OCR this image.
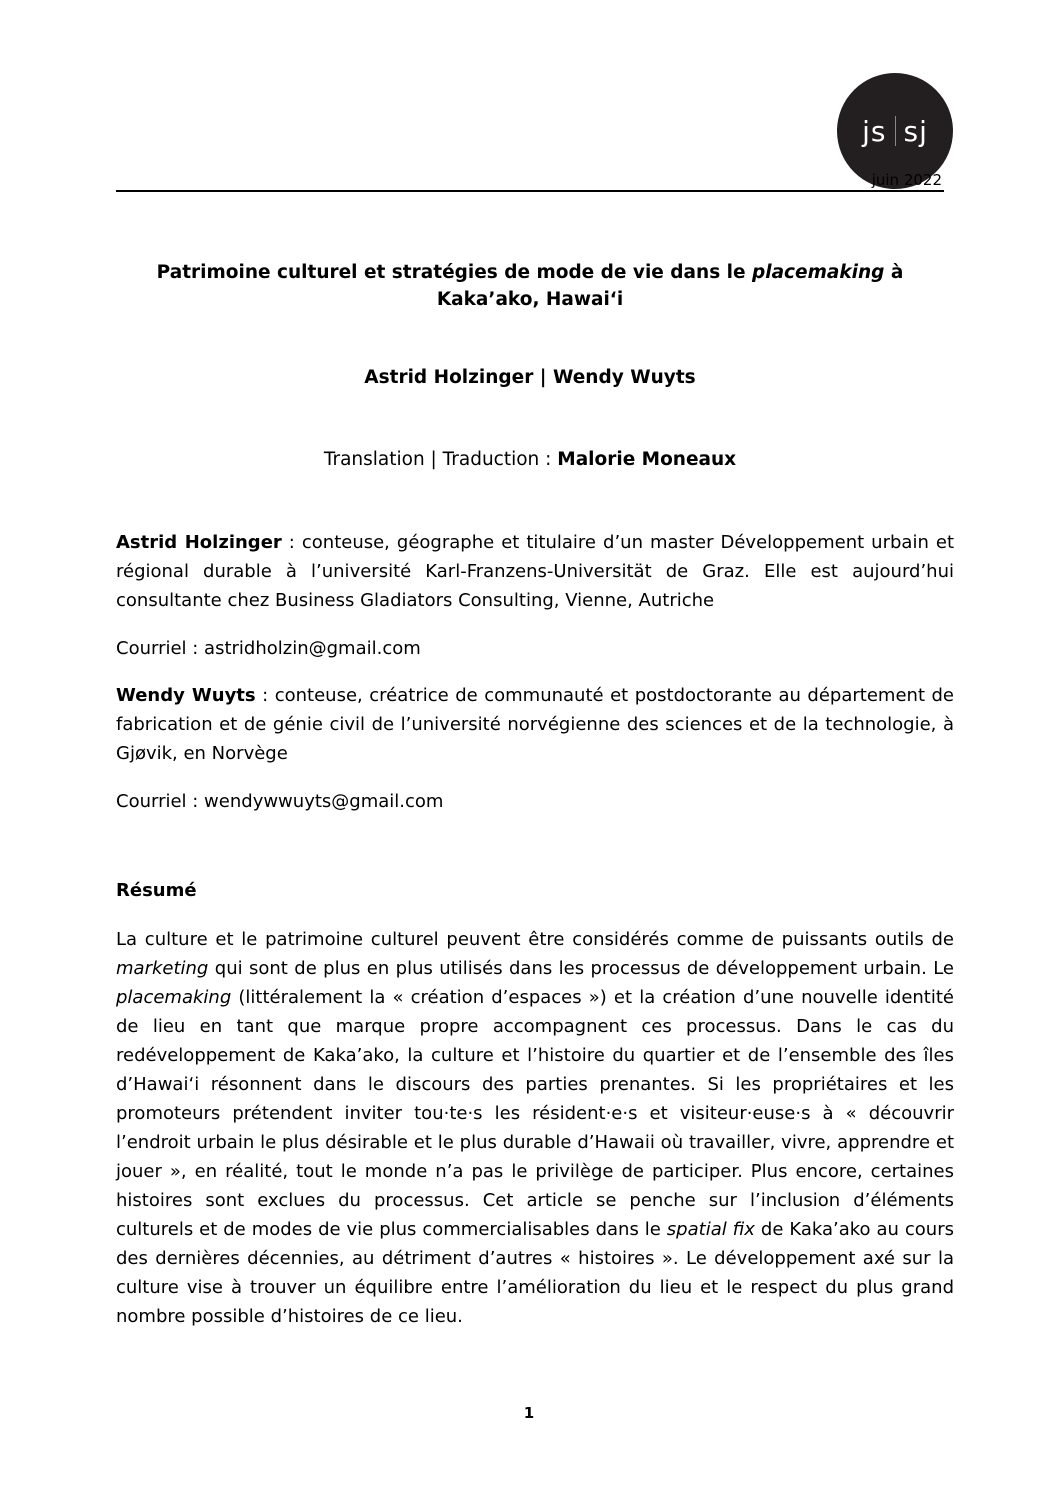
js sj
juin 2022
Patrimoine culturel et stratégies de mode de vie dans le placemaking à Kaka’ako, Hawai‘i
Astrid Holzinger | Wendy Wuyts
Translation | Traduction : Malorie Moneaux
Astrid Holzinger : conteuse, géographe et titulaire d’un master Développement urbain et régional durable à l’université Karl-Franzens-Universität de Graz. Elle est aujourd’hui consultante chez Business Gladiators Consulting, Vienne, Autriche
Courriel : astridholzin@gmail.com
Wendy Wuyts : conteuse, créatrice de communauté et postdoctorante au département de fabrication et de génie civil de l’université norvégienne des sciences et de la technologie, à Gjøvik, en Norvège
Courriel : wendywwuyts@gmail.com
Résumé
La culture et le patrimoine culturel peuvent être considérés comme de puissants outils de marketing qui sont de plus en plus utilisés dans les processus de développement urbain. Le placemaking (littéralement la « création d’espaces ») et la création d’une nouvelle identité de lieu en tant que marque propre accompagnent ces processus. Dans le cas du redéveloppement de Kaka’ako, la culture et l’histoire du quartier et de l’ensemble des îles d’Hawai‘i résonnent dans le discours des parties prenantes. Si les propriétaires et les promoteurs prétendent inviter tou·te·s les résident·e·s et visiteur·euse·s à « découvrir l’endroit urbain le plus désirable et le plus durable d’Hawaii où travailler, vivre, apprendre et jouer », en réalité, tout le monde n’a pas le privilège de participer. Plus encore, certaines histoires sont exclues du processus. Cet article se penche sur l’inclusion d’éléments culturels et de modes de vie plus commercialisables dans le spatial fix de Kaka’ako au cours des dernières décennies, au détriment d’autres « histoires ». Le développement axé sur la culture vise à trouver un équilibre entre l’amélioration du lieu et le respect du plus grand nombre possible d’histoires de ce lieu.
1
